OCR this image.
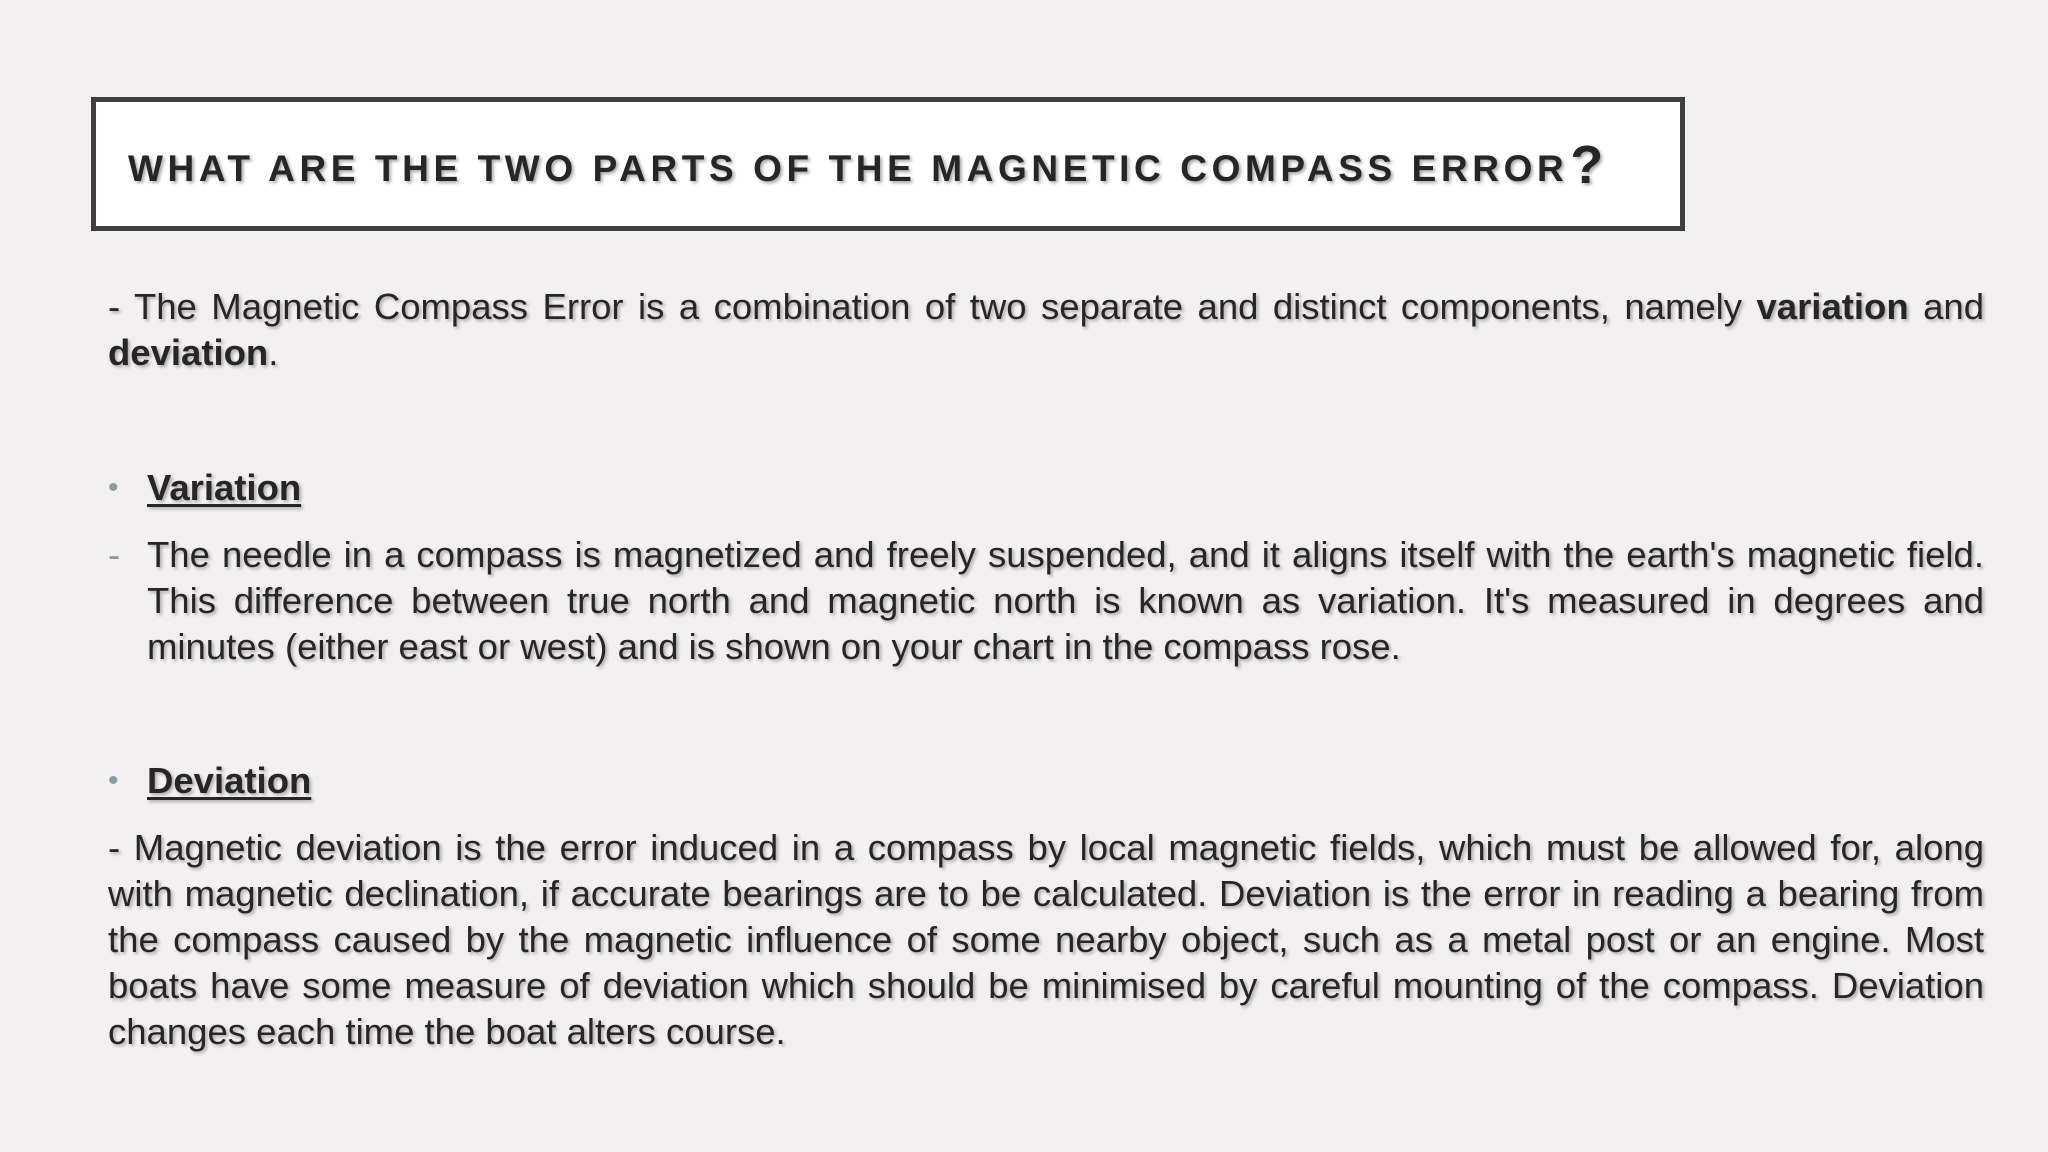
WHAT ARE THE TWO PARTS OF THE MAGNETIC COMPASS ERROR?

- The Magnetic Compass Error is a combination of two separate and distinct components, namely variation and deviation.

• Variation

- The needle in a compass is magnetized and freely suspended, and it aligns itself with the earth's magnetic field. This difference between true north and magnetic north is known as variation. It's measured in degrees and minutes (either east or west) and is shown on your chart in the compass rose.

• Deviation

- Magnetic deviation is the error induced in a compass by local magnetic fields, which must be allowed for, along with magnetic declination, if accurate bearings are to be calculated. Deviation is the error in reading a bearing from the compass caused by the magnetic influence of some nearby object, such as a metal post or an engine. Most boats have some measure of deviation which should be minimised by careful mounting of the compass. Deviation changes each time the boat alters course.
